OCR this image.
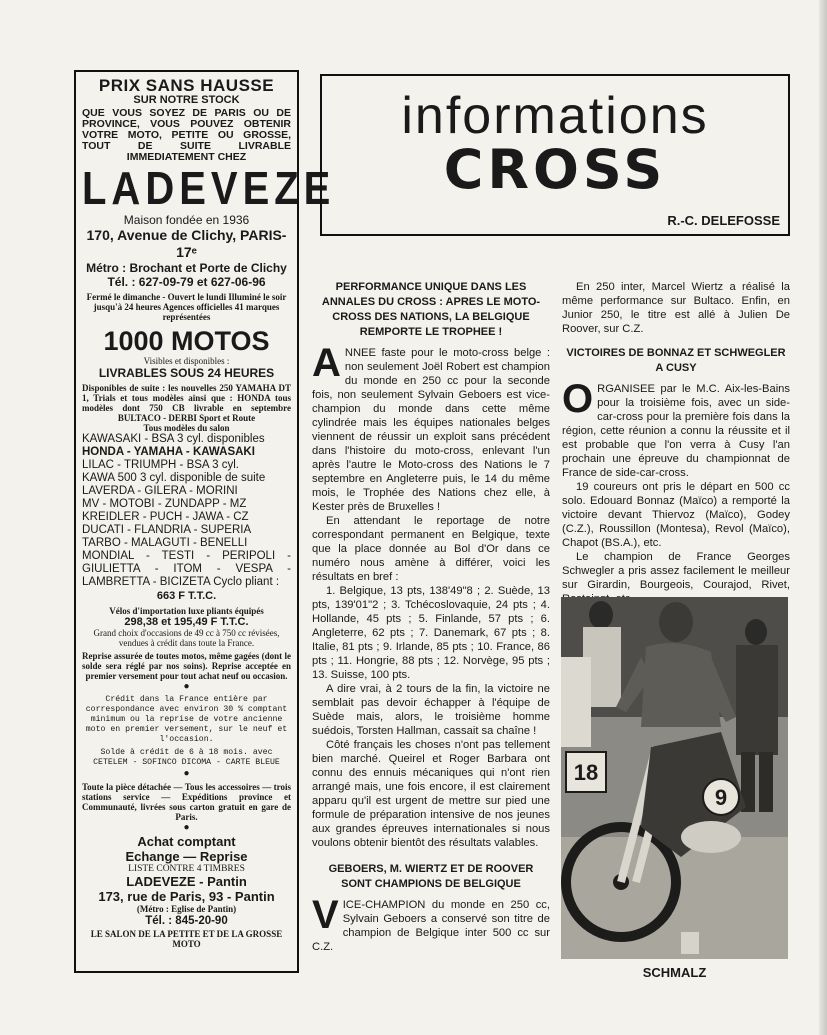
PRIX SANS HAUSSE
SUR NOTRE STOCK
QUE VOUS SOYEZ DE PARIS OU DE PROVINCE, VOUS POUVEZ OBTENIR VOTRE MOTO, PETITE OU GROSSE, TOUT DE SUITE LIVRABLE IMMEDIATEMENT CHEZ
LADEVEZE
Maison fondée en 1936
170, Avenue de Clichy, PARIS-17ᵉ
Métro : Brochant et Porte de Clichy
Tél. : 627-09-79 et 627-06-96
Fermé le dimanche - Ouvert le lundi Illuminé le soir jusqu'à 24 heures Agences officielles 41 marques représentées
1000 MOTOS
Visibles et disponibles :
LIVRABLES SOUS 24 HEURES
Disponibles de suite : les nouvelles 250 YAMAHA DT 1, Trials et tous modèles ainsi que : HONDA tous modèles dont 750 CB livrable en septembre BULTACO - DERBI Sport et Route
Tous modèles du salon
KAWASAKI - BSA 3 cyl. disponibles
HONDA - YAMAHA - KAWASAKI
LILAC - TRIUMPH - BSA 3 cyl.
KAWA 500 3 cyl. disponible de suite
LAVERDA - GILERA - MORINI
MV - MOTOBI - ZUNDAPP - MZ
KREIDLER - PUCH - JAWA - CZ
DUCATI - FLANDRIA - SUPERIA
TARBO - MALAGUTI - BENELLI
MONDIAL - TESTI - PERIPOLI - GIULIETTA - ITOM - VESPA - LAMBRETTA - BICIZETA Cyclo pliant :
663 F T.T.C.
Vélos d'importation luxe pliants équipés
298,38 et 195,49 F T.T.C.
Grand choix d'occasions de 49 cc à 750 cc révisées, vendues à crédit dans toute la France.
Reprise assurée de toutes motos, même gagées (dont le solde sera réglé par nos soins). Reprise acceptée en premier versement pour tout achat neuf ou occasion.
●
Crédit dans la France entière par correspondance avec environ 30 % comptant minimum ou la reprise de votre ancienne moto en premier versement, sur le neuf et l'occasion.
Solde à crédit de 6 à 18 mois. avec CETELEM - SOFINCO DICOMA - CARTE BLEUE
●
Toute la pièce détachée — Tous les accessoires — trois stations service — Expéditions province et Communauté, livrées sous carton gratuit en gare de Paris.
●
Achat comptant
Echange — Reprise
LISTE CONTRE 4 TIMBRES
LADEVEZE - Pantin
173, rue de Paris, 93 - Pantin
(Métro : Eglise de Pantin)
Tél. : 845-20-90
LE SALON DE LA PETITE ET DE LA GROSSE MOTO
informations
CROSS
R.-C. DELEFOSSE
PERFORMANCE UNIQUE DANS LES ANNALES DU CROSS : APRES LE MOTO-CROSS DES NATIONS, LA BELGIQUE REMPORTE LE TROPHEE !

ANNEE faste pour le moto-cross belge : non seulement Joël Robert est champion du monde en 250 cc pour la seconde fois, non seulement Sylvain Geboers est vice-champion du monde dans cette même cylindrée mais les équipes nationales belges viennent de réussir un exploit sans précédent dans l'histoire du moto-cross, enlevant l'un après l'autre le Moto-cross des Nations le 7 septembre en Angleterre puis, le 14 du même mois, le Trophée des Nations chez elle, à Kester près de Bruxelles !

En attendant le reportage de notre correspondant permanent en Belgique, texte que la place donnée au Bol d'Or dans ce numéro nous amène à différer, voici les résultats en bref :

1. Belgique, 13 pts, 138'49"8 ; 2. Suède, 13 pts, 139'01"2 ; 3. Tchécoslovaquie, 24 pts ; 4. Hollande, 45 pts ; 5. Finlande, 57 pts ; 6. Angleterre, 62 pts ; 7. Danemark, 67 pts ; 8. Italie, 81 pts ; 9. Irlande, 85 pts ; 10. France, 86 pts ; 11. Hongrie, 88 pts ; 12. Norvège, 95 pts ; 13. Suisse, 100 pts.

A dire vrai, à 2 tours de la fin, la victoire ne semblait pas devoir échapper à l'équipe de Suède mais, alors, le troisième homme suédois, Torsten Hallman, cassait sa chaîne !

Côté français les choses n'ont pas tellement bien marché. Queirel et Roger Barbara ont connu des ennuis mécaniques qui n'ont rien arrangé mais, une fois encore, il est clairement apparu qu'il est urgent de mettre sur pied une formule de préparation intensive de nos jeunes aux grandes épreuves internationales si nous voulons obtenir bientôt des résultats valables.

GEBOERS, M. WIERTZ ET DE ROOVER SONT CHAMPIONS DE BELGIQUE

VICE-CHAMPION du monde en 250 cc, Sylvain Geboers a conservé son titre de champion de Belgique inter 500 cc sur C.Z.

En 250 inter, Marcel Wiertz a réalisé la même performance sur Bultaco. Enfin, en Junior 250, le titre est allé à Julien De Roover, sur C.Z.

VICTOIRES DE BONNAZ ET SCHWEGLER A CUSY

ORGANISEE par le M.C. Aix-les-Bains pour la troisième fois, avec un side-car-cross pour la première fois dans la région, cette réunion a connu la réussite et il est probable que l'on verra à Cusy l'an prochain une épreuve du championnat de France de side-car-cross.

19 coureurs ont pris le départ en 500 cc solo. Edouard Bonnaz (Maïco) a remporté la victoire devant Thiervoz (Maïco), Godey (C.Z.), Roussillon (Montesa), Revol (Maïco), Chapot (BS.A.), etc.

Le champion de France Georges Schwegler a pris assez facilement le meilleur sur Girardin, Bourgeois, Courajod, Rivet,

9
18
SCHMALZ
